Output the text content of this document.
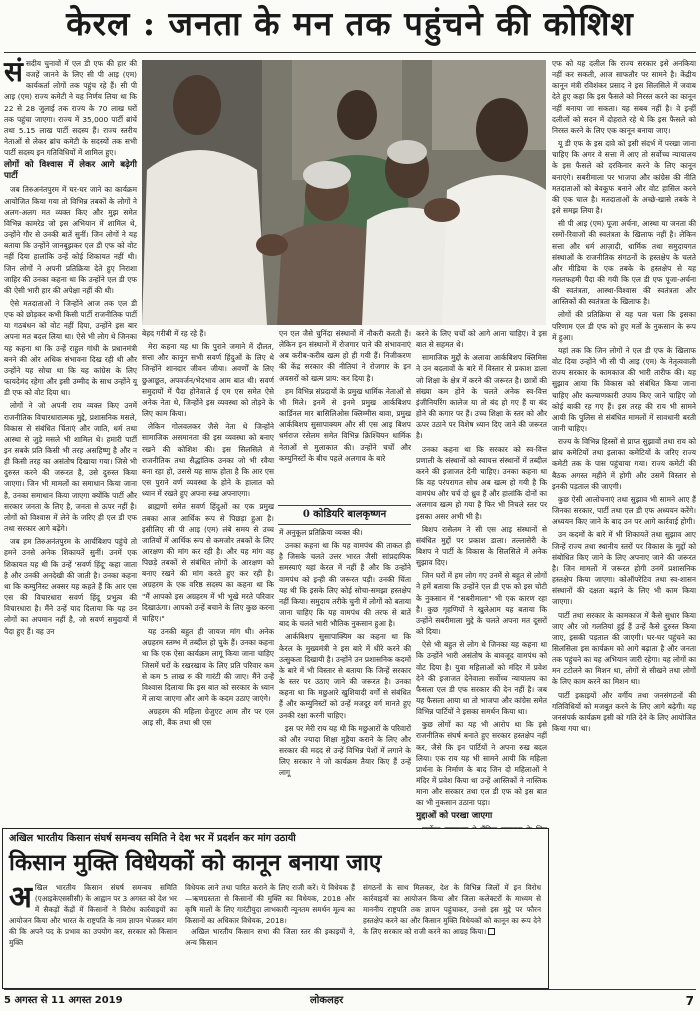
केरल : जनता के मन तक पहुंचने की कोशिश
सं सदीय चुनावों में एल डी एफ की हार की वजहें जानने के लिए सी पी आइ (एम) कार्यकर्ता लोगों तक पहुंच रहे हैं। सी पी आइ (एम) राज्य कमेटी ने यह निर्णय लिया था कि 22 से 28 जुलाई तक राज्य के 70 लाख घरों तक पहुंचा जाएगा। राज्य में 35,000 पार्टी ब्रांचें तथा 5.15 लाख पार्टी सदस्य हैं। राज्य स्तरीय नेताओं से लेकर ब्रांच कमेटी के सदस्यों तक सभी पार्टी सदस्य इन गतिविधियों में शामिल हुए।

लोगों को विश्वास में लेकर आगे बढ़ेगी पार्टी

जब तिरुअनंतपुरम में घर-घर जाने का कार्यक्रम आयोजित किया गया तो विभिन्न तबकों के लोगों ने अलग-अलग मत व्यक्त किए और मुझ समेत विभिन्न कामरेड जो इस अभियान में शामिल थे, उन्होंने गौर से उनकी बातें सुनीं। जिन लोगों ने यह बताया कि उन्होंने जानबूझकर एल डी एफ को वोट नहीं दिया हालांकि उन्हें कोई शिकायत नहीं थी। जिन लोगों ने अपनी प्रतिक्रिया देते हुए निराशा जाहिर की उनका कहना था कि उन्होंने एल डी एफ की ऐसी भारी हार की अपेक्षा नहीं की थी।

ऐसे मतदाताओं ने जिन्होंने आज तक एल डी एफ को छोड़कर कभी किसी पार्टी राजनीतिक पार्टी या गठबंधन को वोट नहीं दिया, उन्होंने इस बार अपना मत बदल लिया था। ऐसे भी लोग थे जिनका यह कहना था कि उन्हें राहुल गांधी के प्रधानमंत्री बनने की ओर अधिक संभावना दिख रही थी और उन्होंने यह सोचा था कि यह कांग्रेस के लिए फायदेमंद रहेगा और इसी उम्मीद के साथ उन्होंने यू डी एफ को वोट दिया था।

लोगों ने जो अपनी राय व्यक्त किए उनमें राजनीतिक विचारधारात्मक मुद्दे, प्रशासनिक मसले, विकास से संबंधित चिंताएं और जाति, धर्म तथा आस्था से जुड़े मसले भी शामिल थे। हमारी पार्टी इन सबके प्रति किसी भी तरह असहिष्णु है और न ही किसी तरह का असंतोष दिखाया गया। जिसे भी दुरुस्त करने की जरूरत है, उसे दुरुस्त किया जाएगा। जिन भी मामलों का समाधान किया जाना है, उनका समाधान किया जाएगा क्योंकि पार्टी और सरकार जनता के लिए है, जनता से ऊपर नहीं है। लोगों को विश्वास में लेने के जरिए ही एल डी एफ तथा सरकार आगे बढ़ेंगे।

जब हम तिरुअनंतपुरम के आर्चबिशप पहुंचे तो हमने उनसे अनेक शिकायतें सुनीं। उनमें एक शिकायत यह थी कि उन्हें 'सवर्ण हिंदू' कहा जाता है और उनकी अनदेखी की जाती है। उनका कहना था कि कम्युनिस्ट अक्सर यह कहते हैं कि आर एस एस की विचारधारा सवर्ण हिंदू प्रभुत्व की विचारधारा है। मैंने उन्हें याद दिलाया कि यह उन लोगों का अपमान नहीं है, जो सवर्ण समुदायों में पैदा हुए हैं। वह उन

बेहद गरीबी में रह रहे हैं।

मेरा कहना यह था कि पुराने जमाने में दौलत, सत्ता और कानून सभी सवर्ण हिंदुओं के लिए थे जिन्होंने शानदार जीवन जीया। अवर्णों के लिए छुआछूत, अपवर्जन/भेदभाव आम बात थी। सवर्ण समुदायों में पैदा होनेवाले ई एम एस समेत ऐसे अनेक नेता थे, जिन्होंने इस व्यवस्था को तोड़ने के लिए काम किया।

लेकिन गोलवलकर जैसे नेता थे जिन्होंने सामाजिक असमानता की इस व्यवस्था को बनाए रखने की कोशिश की। इस सिलसिले में राजनीतिक तथा सैद्धांतिक उनका जो भी रवैया बना रहा हो, उससे यह साफ होता है कि आर एस एस पुराने वर्ण व्यवस्था के होने के हालात को ध्यान में रखते हुए अपना रुख अपनाएगा।

ब्राह्मणों समेत सवर्ण हिंदुओं का एक प्रमुख तबका आज आर्थिक रूप से पिछड़ा हुआ है। इसीलिए सी पी आइ (एम) लंबे समय से उच्च जातियों में आर्थिक रूप से कमजोर तबकों के लिए आरक्षण की मांग कर रही है। और यह मांग वह पिछड़े तबकों से संबंधित लोगों के आरक्षण को बनाए रखने की मांग करते हुए कर रही है। अग्रहरम के एक वरिष्ठ सदस्य का कहना था कि "मैं आपको इस अग्रहरम में भी भूखे मरते परिवार दिखाऊंगा। आपको उन्हें बचाने के लिए कुछ करना चाहिए।"

यह उनकी बहुत ही जायज मांग थी। अनेक अग्रहरम स्तम्भ में तब्दील हो चुके हैं। उनका कहना था कि एक ऐसा कार्यक्रम लागू किया जाना चाहिए जिसमें घरों के रखरखाव के लिए प्रति परिवार कम से कम 5 लाख रु की गारंटी की जाए। मैंने उन्हें विश्वास दिलाया कि इस बात को सरकार के ध्यान में लाया जाएगा और आगे के कदम उठाए जाएंगे।

अग्रहरम की महिला ग्रेजुएट आम तौर पर एल आइ सी, बैंक तथा श्री एस

एन एल जैसे चुनिंदा संस्थानों में नौकरी करती हैं। लेकिन इन संस्थानों में रोजगार पाने की संभावनाएं अब करीब-करीब खत्म हो ही गयी हैं। निजीकरण की केंद्र सरकार की नीतियां ने रोजगार के इन अवसरों को खत्म प्राय: कर दिया है।

हम विभिन्न संप्रदायों के प्रमुख धार्मिक नेताओं से भी मिले। इनमें से इनमे प्रमुख आर्कबिशप कार्डिनल मार बासिलिओस क्लिम्मीस बावा, प्रमुख आर्कबिशप सुसापाक्यम और सी एस आइ बिशप धर्मराज रसेलम समेत विभिन्न क्रिश्चियन धार्मिक नेताओं से मुलाकात की। उन्होंने चर्चों और कम्युनिस्टों के बीच पहले अलगाव के बारे

0 कोडियरि बालकृष्णन

में अनुकूल प्रतिक्रिया व्यक्त की।

उनका कहना था कि यह वामपंथ की ताकत ही है जिसके चलते उत्तर भारत जैसी सांप्रदायिक समस्याएं यहां केरल में नहीं हैं और कि उन्होंने वामपंथ को इन्ही की जरूरत पड़ी। उनकी चिंता यह थी कि इसके लिए कोई सोचा-समझा हस्तक्षेप नहीं किया। समुदाय तरीके चुनी में लोगों को बताया जाना चाहिए कि यह वामपंथ की तरफ से बातें बाद के चलते भारी भौतिक नुकसान हुआ है।

आर्कबिशप सुसापाक्यिम का कहना था कि केरल के मुख्यमंत्री ने इस बारे में धीरे करने की उत्सुकता दिखायी है। उन्होंने उन प्रशासनिक कदमों के बारे में भी विस्तार से बताया कि जिन्हें सरकार के स्तर पर उठाए जाने की जरूरत है। उनका कहना था कि मछुआरे खुशियादी वर्गों से संबंधित हैं और कम्युनिस्टों को उन्हें मजदूर वर्ग मानते हुए उनकी रक्षा करनी चाहिए।

इस पर मेरी राय यह थी कि मछुआरों के परिवारों को और ज्यादा शिक्षा मुहैया कराने के लिए और सरकार की मदद से उन्हें विभिन्न पेशों में लगाने के लिए सरकार ने जो कार्यक्रम तैयार किए हैं उन्हें लागू

करने के लिए चर्चों को आगे आना चाहिए। वे इस बात से सहमत थे।

सामाजिक मुद्दों के अलावा आर्कबिशप क्लिमिस ने उन बदलावों के बारे में विस्तार से प्रकाश डाला जो शिक्षा के क्षेत्र में करने की जरूरत है। छात्रों की संख्या कम होने के चलते अनेक स्व-वित्त इंजीनियरिंग कालेज या तो बंद हो गए हैं या बंद होने की कगार पर हैं। उच्च शिक्षा के स्तर को और ऊपर उठाने पर विशेष ध्यान दिए जाने की जरूरत है।

उनका कहना था कि सरकार को स्व-वित्त प्रणाली के संस्थानों को स्वायत्त संस्थानों में तब्दील करने की इजाजत देनी चाहिए। उनका कहना था कि यह परंपरागत सोच अब खत्म हो गयी है कि वामपंथ और चर्च दो ध्रुव हैं और हालांकि दोनों का अलगाव खत्म हो गया है फिर भी निचले स्तर पर इसका असर अभी भी है।

बिशप रासेलम ने सी एस आइ संस्थानों से संबंधित मुद्दों पर प्रकाश डाला। तल्लासेरी के बिशप ने पार्टी के विकास के सिलसिले में अनेक सुझाव दिए।

जिन घरों में हम लोग गए उनमें से बहुत से लोगों ने हमें बताया कि उन्होंने एल डी एफ को इस चोटी के नुकसान में "सबरीमाला" भी एक कारण रहा है। कुछ गृहणियों ने खुलेआम यह बताया कि उन्होंने सबरीमाला मुद्दे के चलते अपना मत दूसरों को दिया।

ऐसे भी बहुत से लोग थे जिनका यह कहना था कि उन्होंने भारी असंतोष के बावजूद वामपंथ को वोट दिया है। युवा महिलाओं को मंदिर में प्रवेश देने की इजाजत देनेवाला सर्वोच्च न्यायालय का फैसला एल डी एफ सरकार की देन नहीं है। जब यह फैसला आया था तो भाजपा और कांग्रेस समेत विभिन्न पार्टियों ने इसका समर्थन किया था।

कुछ लोगों का यह भी आरोप था कि इसे राजनीतिक संघर्ष बनाते हुए सरकार हस्तक्षेप नहीं कर, जैसे कि इन पार्टियों ने अपना रुख बदल लिया। एक राय यह भी सामने आयी कि महिला प्रार्थना के निर्माण के बाद जिन दो महिलाओं ने मंदिर में प्रवेश किया था उन्हें आस्तिकों ने नास्तिक माना और सरकार तथा एल डी एफ को इस बात का भी नुकसान उठाना पड़ा।

मुद्दाओं को परखा जाएगा

एफ को यह दलील कि राज्य सरकार इसे अनकिया नहीं कर सकती, आज साफतौर पर सामने है। केंद्रीय कानून मंत्री रविशंकर प्रसाद ने इस सिलसिले में जवाब देते हुए कहा कि इस फैसले को निरस्त करने का कानून नहीं बनाया जा सकता। यह सबब नहीं है। वे इन्हीं दलीलों को सदन में दोहराते रहे थे कि इस फैसले को निरस्त करने के लिए एक कानून बनाया जाए।

यू डी एफ के इस दावे को इसी संदर्भ में परखा जाना चाहिए कि अगर वे सत्ता में आए तो सर्वोच्च न्यायालय के इस फैसले को दरकिनार करने के लिए कानून बनाएंगे। सबरीमाला पर भाजपा और कांग्रेस की नीति मतदाताओं को बेवकूफ बनाने और वोट हासिल करने की एक चाल है। मतदाताओं के अच्छे-खासे तबके ने इसे समझ लिया है।

सी पी आइ (एम) पूजा अर्चना, आस्था या जनता की रस्मों-रिवाजों की स्वतंत्रता के खिलाफ नहीं है। लेकिन सत्ता और धर्म आज़ादी, धार्मिक तथा समुदायगत संस्थाओं के राजनीतिक संगठनों के हस्तक्षेप के चलते और मीडिया के एक तबके के हस्तक्षेप से यह गलतफहमी पैदा की गयी कि एल डी एफ पूजा-अर्चना की स्वतंत्रता, आस्था-विश्वास की स्वतंत्रता और आस्तिकों की स्वतंत्रता के खिलाफ है।

लोगों की प्रतिक्रिया से यह पता चला कि इसका परिणाम एल डी एफ को हुए मतों के नुकसान के रूप में हुआ।

यहां तक कि जिन लोगों ने एल डी एफ के खिलाफ वोट दिया उन्होंने भी सी पी आइ (एम) के नेतृत्ववाली राज्य सरकार के कामकाज की भारी तारीफ की। यह सुझाव आया कि विकास को संबंधित किया जाना चाहिए और कल्याणकारी उपाय किए जाने चाहिए जो कोई बाकी रह गए हैं। इस तरह की राय भी सामने आयी कि पुलिस से संबंधित मामलों में सावधानी बरती जानी चाहिए।

राज्य के विभिन्न हिस्सों से प्राप्त सुझावों तथा राय को ब्रांच कमेटियों तथा इलाका कमेटियों के जरिए राज्य कमेटी तक के पास पहुंचाया गया। राज्य कमेटी की बैठक अगस्त महीने में होगी और उसमें विस्तार से इनकी पड़ताल की जाएगी।

कुछ ऐसी आलोचनाएं तथा सुझाव भी सामने आए हैं जिनका सरकार, पार्टी तथा एल डी एफ अध्ययन करेंगे। अध्ययन किए जाने के बाद उन पर आगे कार्रवाई होगी।

उन कदमों के बारे में भी शिकायतें तथा सुझाव आए जिन्हें राज्य तथा स्थानीय स्तरों पर विकास के मुद्दों को संबोधित किए जाने के लिए अपनाए जाने की जरूरत है। जिन मामलों में जरूरत होगी उनमें प्रशासनिक हस्तक्षेप किया जाएगा। कोऑपरेटिव तथा स्व-शासन संस्थानों की दक्षता बढ़ाने के लिए भी काम किया जाएगा।

पार्टी तथा सरकार के कामकाज में कैसे सुधार किया जाए और जो गलतियां हुई हैं उन्हें कैसे दुरुस्त किया जाए, इसकी पड़ताल की जाएगी। घर-घर पहुंचने का सिलसिला इस कार्यक्रम को आगे बढ़ाता है और जनता तक पहुंचने का यह अभियान जारी रहेगा। यह लोगों का मन टटोलने का मिशन था, लोगों से सीखने तथा लोगों के लिए काम करने का मिशन था।

पार्टी इकाइयों और वर्गीय तथा जनसंगठनों की गतिविधियों को मजबूत करने के लिए आगे बढ़ेगी। यह जनसंपर्क कार्यक्रम इसी को गति देने के लिए आयोजित किया गया था।

अखिल भारतीय किसान संघर्ष समन्वय समिति ने देश भर में प्रदर्शन कर मांग उठायी
किसान मुक्ति विधेयकों को कानून बनाया जाए
अ खिल भारतीय किसान संघर्ष समन्वय समिति (एआइकेएससीसी) के आह्वान पर 3 अगस्त को देश भर में सैकड़ों केंद्रों में किसानों ने विरोध कार्रवाइयों का आयोजन किया और भारत के राष्ट्रपति के नाम ज्ञापन भेजकर मांग की कि अपने पद के प्रभाव का उपयोग कर, सरकार को किसान मुक्ति
विधेयक लाने तथा पारित कराने के लिए राजी करें। ये विधेयक हैं—ऋणग्रस्तता से किसानों की मुक्ति का विधेयक, 2018 और कृषि मालों के लिए गारंटीयुदा लाभकारी न्यूनतम समर्थन मूल्य का किसानों का अधिकार विधेयक, 2018।
अखिल भारतीय किसान सभा की जिला स्तर की इकाइयों ने, अन्य किसान
संगठनों के साथ मिलकर, देश के विभिन्न जिलों में इन विरोध कार्रवाइयों का आयोजन किया और जिला कलेक्टरों के माध्यम से माननीय राष्ट्रपति तक ज्ञापन पहुंचाकर, उनसे इस मुद्दे पर फौरन हस्तक्षेप करने का और किसान मुक्ति विधेयकों को कानून का रूप देने के लिए सरकार को राजी करने का आग्रह किया।
5 अगस्त से 11 अगस्त 2019	लोकलहर	7
